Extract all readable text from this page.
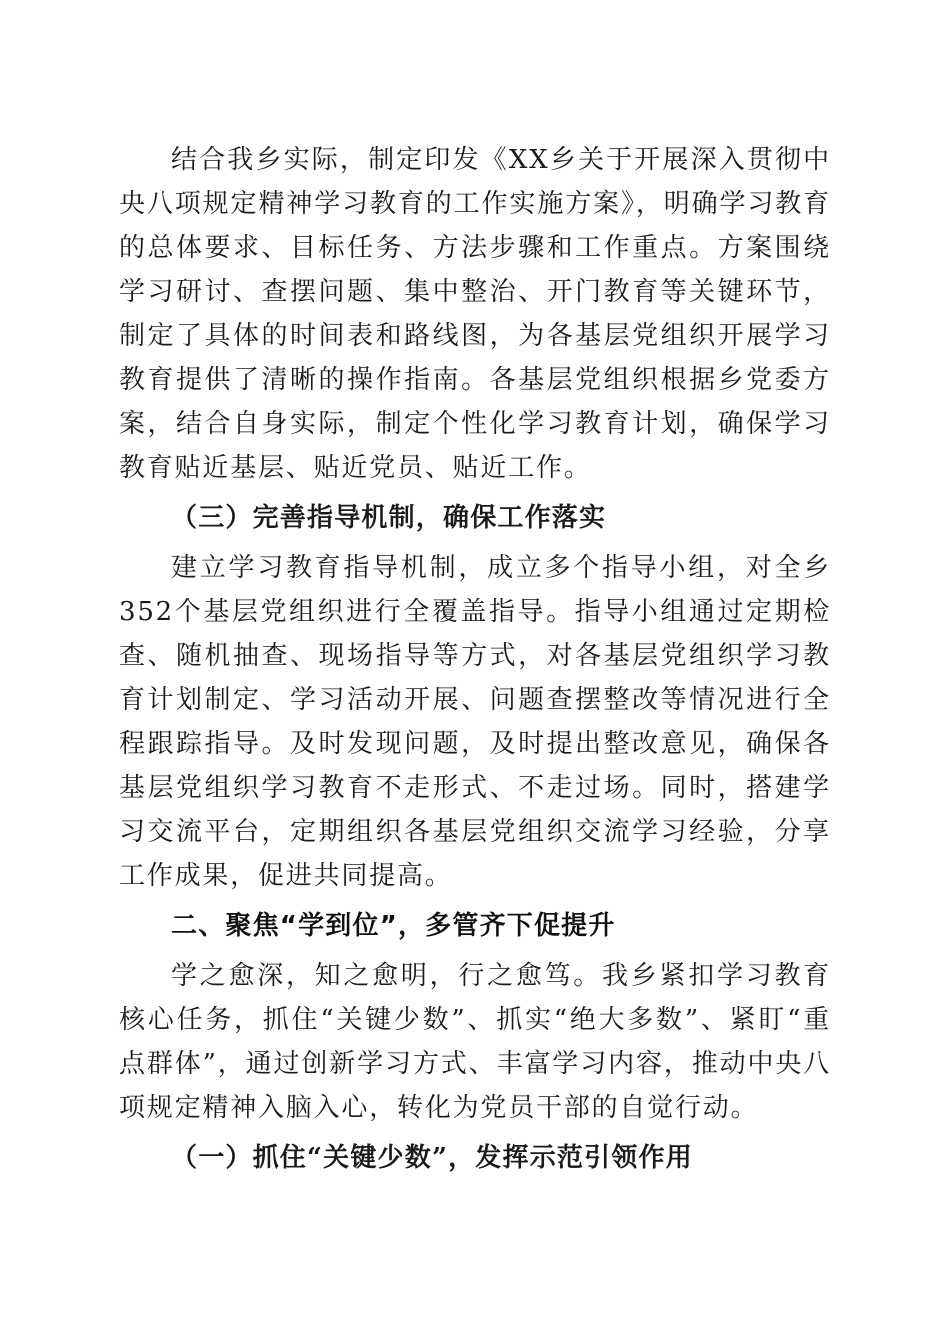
结合我乡实际，制定印发《XX乡关于开展深入贯彻中央八项规定精神学习教育的工作实施方案》，明确学习教育的总体要求、目标任务、方法步骤和工作重点。方案围绕学习研讨、查摆问题、集中整治、开门教育等关键环节，制定了具体的时间表和路线图，为各基层党组织开展学习教育提供了清晰的操作指南。各基层党组织根据乡党委方案，结合自身实际，制定个性化学习教育计划，确保学习教育贴近基层、贴近党员、贴近工作。

（三）完善指导机制，确保工作落实

建立学习教育指导机制，成立多个指导小组，对全乡352个基层党组织进行全覆盖指导。指导小组通过定期检查、随机抽查、现场指导等方式，对各基层党组织学习教育计划制定、学习活动开展、问题查摆整改等情况进行全程跟踪指导。及时发现问题，及时提出整改意见，确保各基层党组织学习教育不走形式、不走过场。同时，搭建学习交流平台，定期组织各基层党组织交流学习经验，分享工作成果，促进共同提高。

二、聚焦“学到位”，多管齐下促提升

学之愈深，知之愈明，行之愈笃。我乡紧扣学习教育核心任务，抓住“关键少数”、抓实“绝大多数”、紧盯“重点群体”，通过创新学习方式、丰富学习内容，推动中央八项规定精神入脑入心，转化为党员干部的自觉行动。

（一）抓住“关键少数”，发挥示范引领作用
